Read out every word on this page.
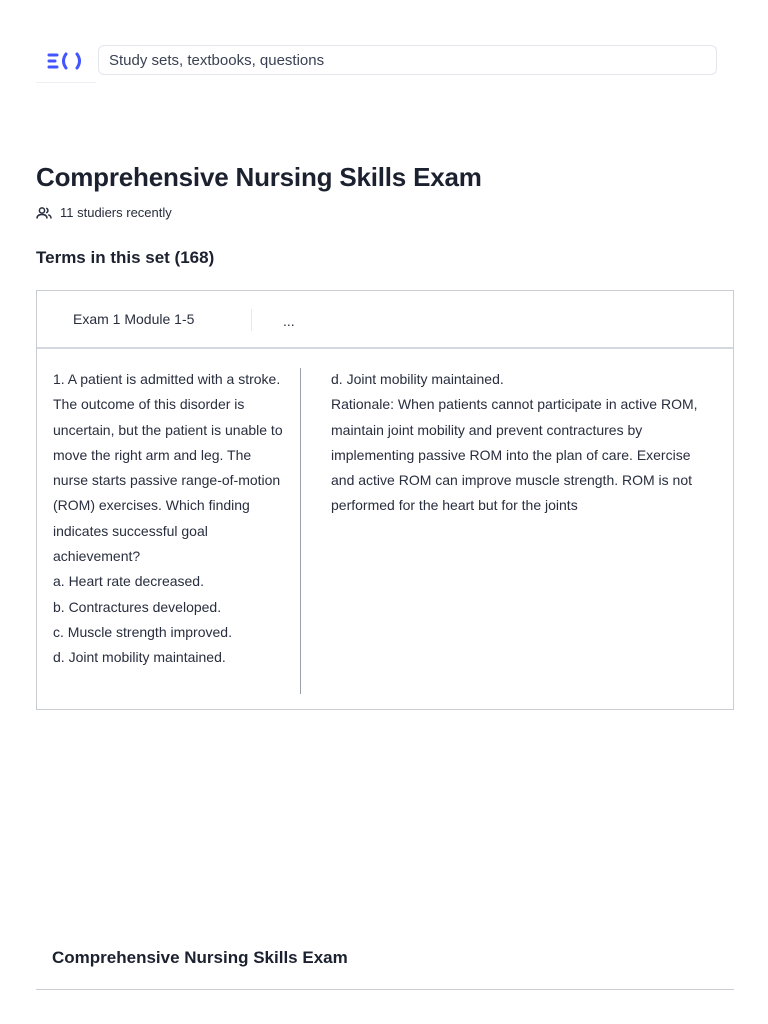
Study sets, textbooks, questions
Comprehensive Nursing Skills Exam
11 studiers recently
Terms in this set (168)
Exam 1 Module 1-5	...

1. A patient is admitted with a stroke. The outcome of this disorder is uncertain, but the patient is unable to move the right arm and leg. The nurse starts passive range-of-motion (ROM) exercises. Which finding indicates successful goal achievement?

a. Heart rate decreased.

b. Contractures developed.

c. Muscle strength improved.

d. Joint mobility maintained.

d. Joint mobility maintained.

Rationale: When patients cannot participate in active ROM, maintain joint mobility and prevent contractures by implementing passive ROM into the plan of care. Exercise and active ROM can improve muscle strength. ROM is not performed for the heart but for the joints

Comprehensive Nursing Skills Exam
